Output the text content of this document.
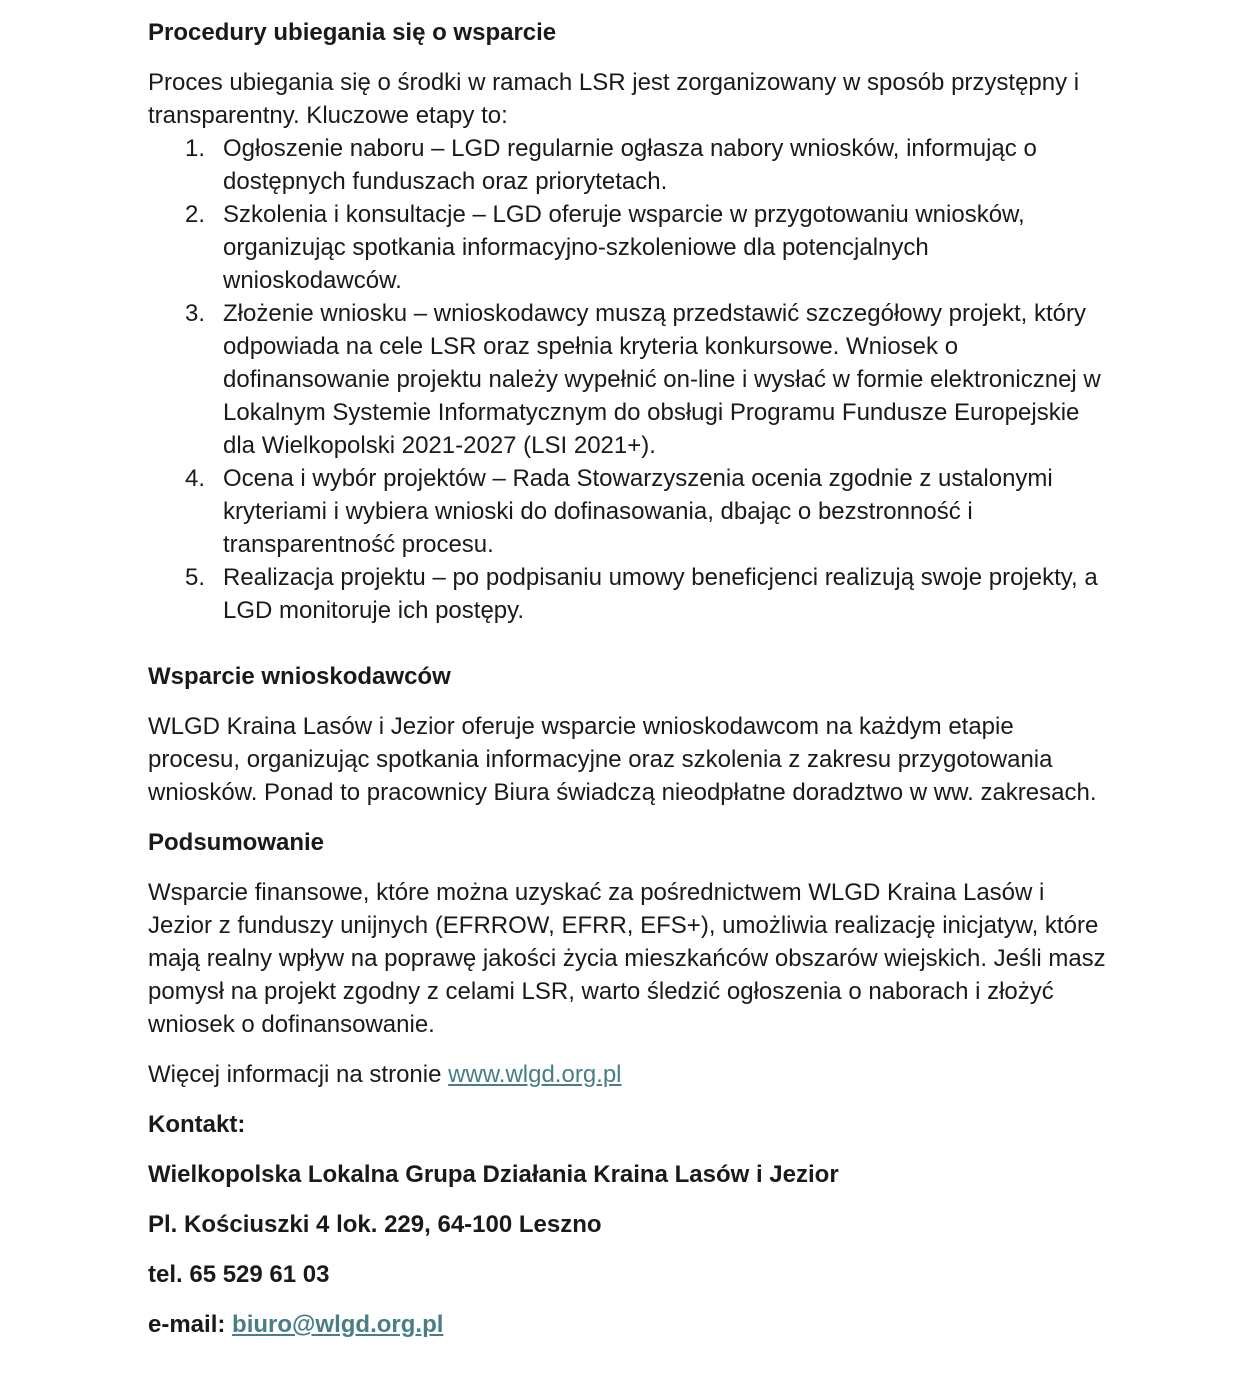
Procedury ubiegania się o wsparcie

Proces ubiegania się o środki w ramach LSR jest zorganizowany w sposób przystępny i transparentny. Kluczowe etapy to:

1. Ogłoszenie naboru – LGD regularnie ogłasza nabory wniosków, informując o dostępnych funduszach oraz priorytetach.
2. Szkolenia i konsultacje – LGD oferuje wsparcie w przygotowaniu wniosków, organizując spotkania informacyjno-szkoleniowe dla potencjalnych wnioskodawców.
3. Złożenie wniosku – wnioskodawcy muszą przedstawić szczegółowy projekt, który odpowiada na cele LSR oraz spełnia kryteria konkursowe. Wniosek o dofinansowanie projektu należy wypełnić on-line i wysłać w formie elektronicznej w Lokalnym Systemie Informatycznym do obsługi Programu Fundusze Europejskie dla Wielkopolski 2021-2027 (LSI 2021+).
4. Ocena i wybór projektów – Rada Stowarzyszenia ocenia zgodnie z ustalonymi kryteriami i wybiera wnioski do dofinasowania, dbając o bezstronność i transparentność procesu.
5. Realizacja projektu – po podpisaniu umowy beneficjenci realizują swoje projekty, a LGD monitoruje ich postępy.
Wsparcie wnioskodawców

WLGD Kraina Lasów i Jezior oferuje wsparcie wnioskodawcom na każdym etapie procesu, organizując spotkania informacyjne oraz szkolenia z zakresu przygotowania wniosków. Ponad to pracownicy Biura świadczą nieodpłatne doradztwo w ww. zakresach.

Podsumowanie

Wsparcie finansowe, które można uzyskać za pośrednictwem WLGD Kraina Lasów i Jezior z funduszy unijnych (EFRROW, EFRR, EFS+), umożliwia realizację inicjatyw, które mają realny wpływ na poprawę jakości życia mieszkańców obszarów wiejskich. Jeśli masz pomysł na projekt zgodny z celami LSR, warto śledzić ogłoszenia o naborach i złożyć wniosek o dofinansowanie.

Więcej informacji na stronie www.wlgd.org.pl

Kontakt:

Wielkopolska Lokalna Grupa Działania Kraina Lasów i Jezior

Pl. Kościuszki 4 lok. 229, 64-100 Leszno

tel. 65 529 61 03

e-mail: biuro@wlgd.org.pl
